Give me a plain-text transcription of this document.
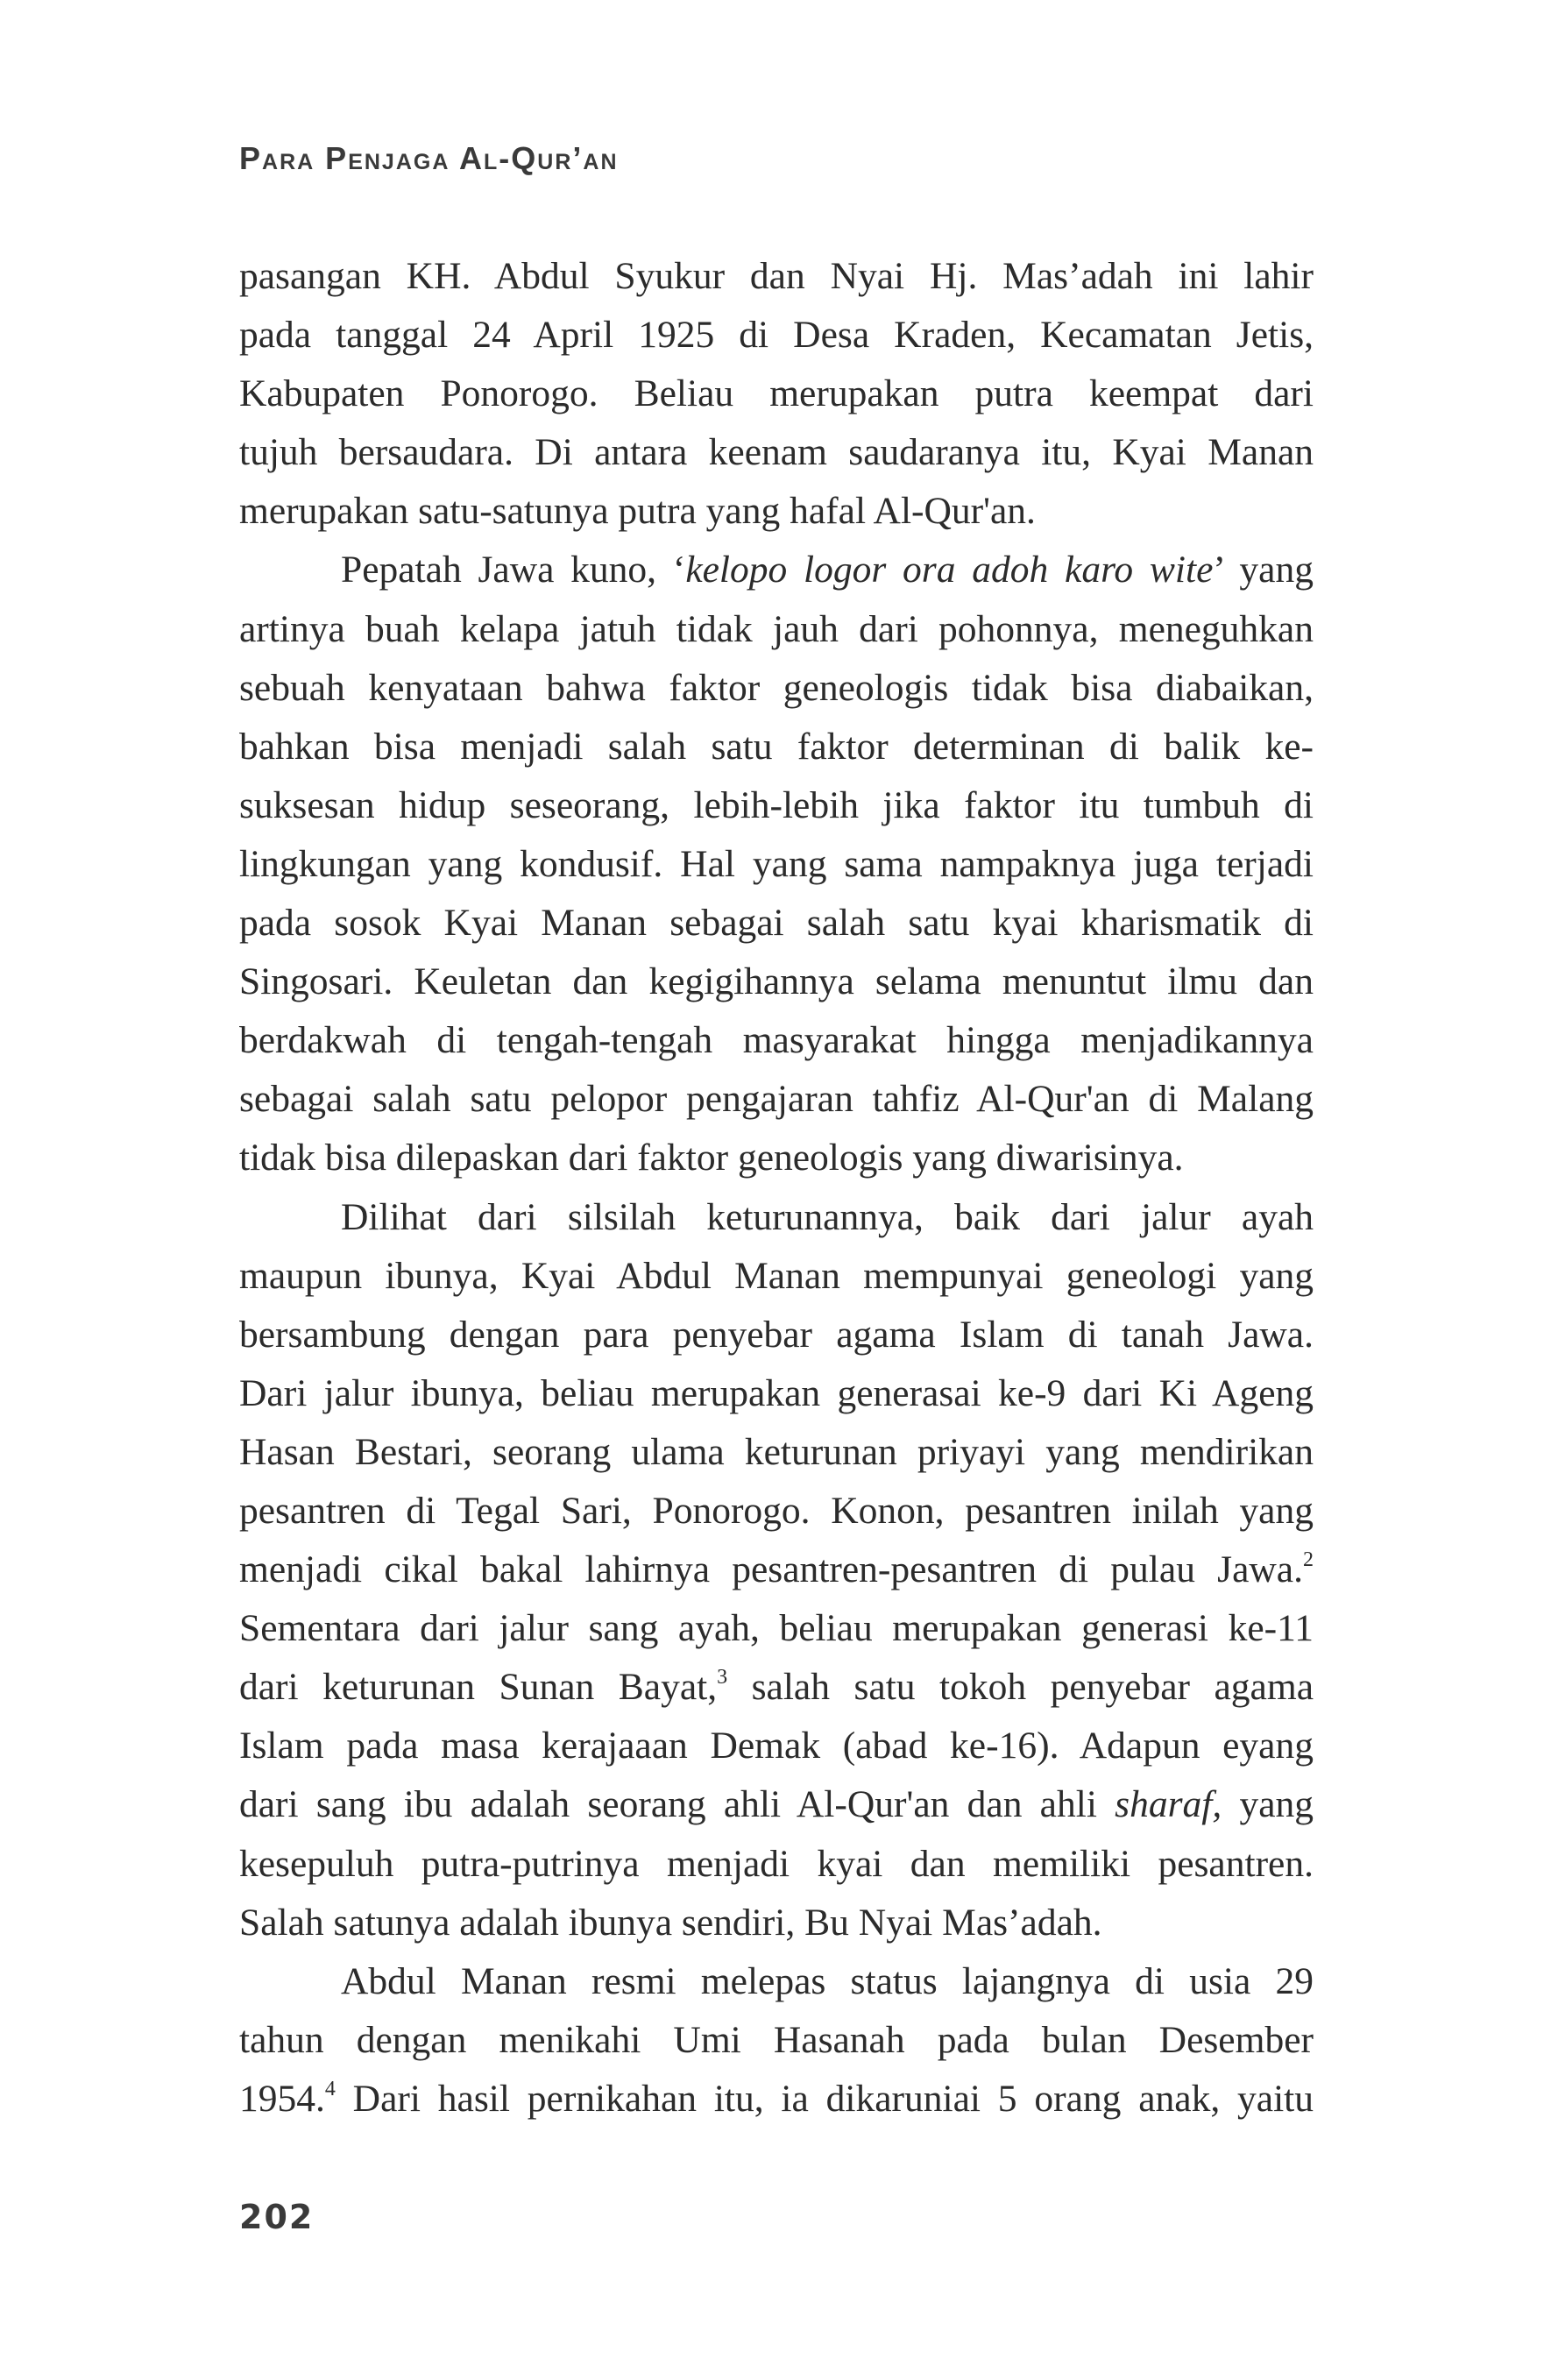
Para Penjaga Al-Qur’an

pasangan KH. Abdul Syukur dan Nyai Hj. Mas’adah ini lahir

pada tanggal 24 April 1925 di Desa Kraden, Kecamatan Jetis,

Kabupaten Ponorogo. Beliau merupakan putra keempat dari

tujuh bersaudara. Di antara keenam saudaranya itu, Kyai Manan

merupakan satu-satunya putra yang hafal Al-Qur'an.

Pepatah Jawa kuno, ‘kelopo logor ora adoh karo wite’ yang

artinya buah kelapa jatuh tidak jauh dari pohonnya, meneguhkan

sebuah kenyataan bahwa faktor geneologis tidak bisa diabaikan,

bahkan bisa menjadi salah satu faktor determinan di balik ke-

suksesan hidup seseorang, lebih-lebih jika faktor itu tumbuh di

lingkungan yang kondusif. Hal yang sama nampaknya juga terjadi

pada sosok Kyai Manan sebagai salah satu kyai kharismatik di

Singosari. Keuletan dan kegigihannya selama menuntut ilmu dan

berdakwah di tengah-tengah masyarakat hingga menjadikannya

sebagai salah satu pelopor pengajaran tahfiz Al-Qur'an di Malang

tidak bisa dilepaskan dari faktor geneologis yang diwarisinya.

Dilihat dari silsilah keturunannya, baik dari jalur ayah

maupun ibunya, Kyai Abdul Manan mempunyai geneologi yang

bersambung dengan para penyebar agama Islam di tanah Jawa.

Dari jalur ibunya, beliau merupakan generasai ke-9 dari Ki Ageng

Hasan Bestari, seorang ulama keturunan priyayi yang mendirikan

pesantren di Tegal Sari, Ponorogo. Konon, pesantren inilah yang

menjadi cikal bakal lahirnya pesantren-pesantren di pulau Jawa.$^2$

Sementara dari jalur sang ayah, beliau merupakan generasi ke-11

dari keturunan Sunan Bayat,$^3$ salah satu tokoh penyebar agama

Islam pada masa kerajaaan Demak (abad ke-16). Adapun eyang

dari sang ibu adalah seorang ahli Al-Qur'an dan ahli sharaf, yang

kesepuluh putra-putrinya menjadi kyai dan memiliki pesantren.

Salah satunya adalah ibunya sendiri, Bu Nyai Mas’adah.

Abdul Manan resmi melepas status lajangnya di usia 29

tahun dengan menikahi Umi Hasanah pada bulan Desember

1954.$^4$ Dari hasil pernikahan itu, ia dikaruniai 5 orang anak, yaitu

202
